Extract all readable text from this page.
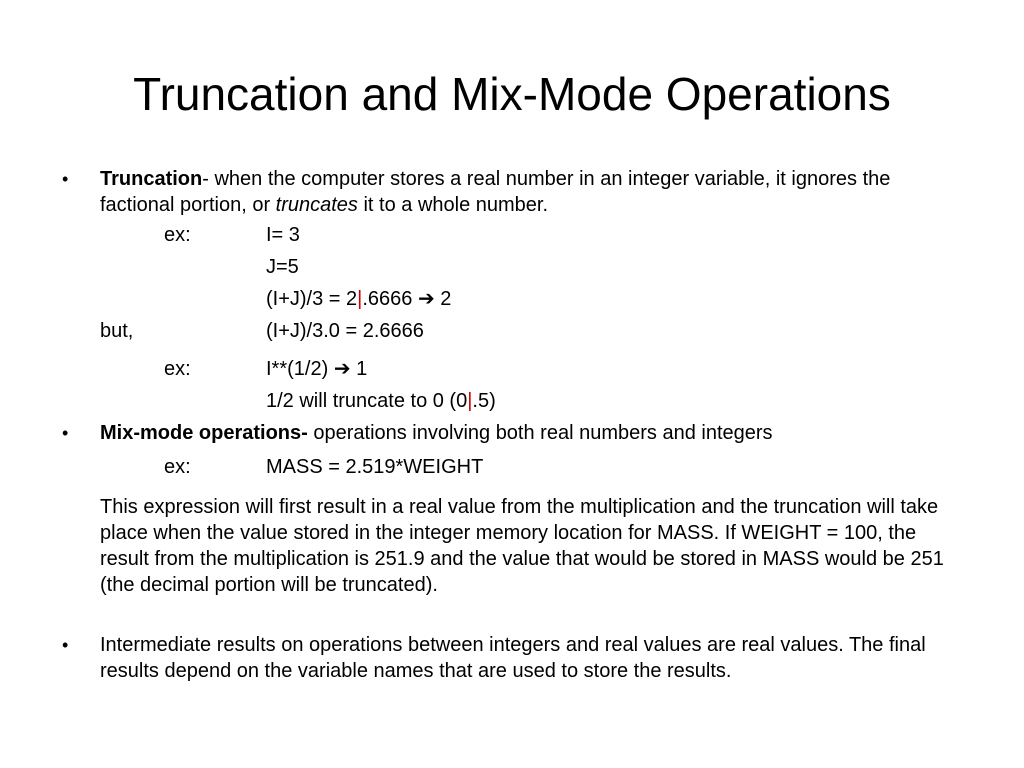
Truncation and Mix-Mode Operations
• Truncation- when the computer stores a real number in an integer variable, it ignores the factional portion, or truncates it to a whole number.
ex:	I= 3
J=5
(I+J)/3 = 2|.6666 ➔ 2
but,	(I+J)/3.0 = 2.6666
ex:	I**(1/2) ➔ 1
1/2 will truncate to 0 (0|.5)
• Mix-mode operations- operations involving both real numbers and integers
ex:	MASS = 2.519*WEIGHT
This expression will first result in a real value from the multiplication and the truncation will take place when the value stored in the integer memory location for MASS. If WEIGHT = 100, the result from the multiplication is 251.9 and the value that would be stored in MASS would be 251 (the decimal portion will be truncated).
• Intermediate results on operations between integers and real values are real values. The final results depend on the variable names that are used to store the results.
